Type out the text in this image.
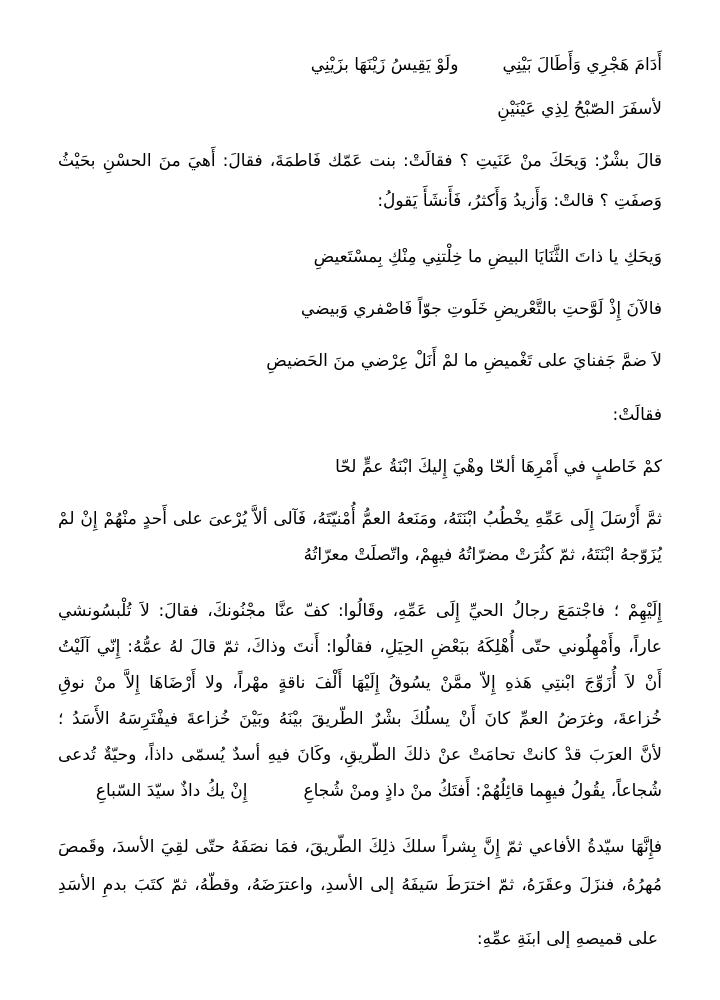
أَدَامَ هَجْرِي وَأَطَالَ بَيْنِي
ولَوْ يَقِيسُ زَيْنَهَا بزَيْنِي

لأسفَرَ الصّبْحُ لِذِي عَيْنَيْنِ

قالَ بشْرٌ: وَيحَكَ منْ عَنَيتِ ؟ فقالَتْ: بنت عَمّك فَاطمَةَ، فقالَ: أَهيَ منَ الحسْنِ بحَيْثُ

وَصفَتِ ؟ قالتْ: وَأَزيدُ وَأَكثرُ، فَأَنشَأَ يَقولُ:

وَيحَكِ يا ذاتَ الثَّنَايَا البيضِ ما خِلْتنِي مِنْكِ بِمسْتَعيضِ

فالآنَ إِذْ لَوَّحتِ بالتَّعْريضِ خَلَوتِ جوّاً فَاصْفري وَبيضي

لاَ ضمَّ جَفنايَ على تَغْميضِ ما لمْ أَنَلْ عِرْضي منَ الحَضيضِ

فقالَتْ:

كمْ خَاطبٍ في أَمْرِهَا ألحّا وهْيَ إِليكَ ابْنَةُ عمٍّ لحّا

ثمَّ أَرْسَلَ إِلَى عَمِّهِ يخْطُبُ ابْنَتَهُ، ومَنَعهُ العمُّ أُمْنيّتَهُ، فَآلى ألاَّ يُرْعىَ على أَحدٍ منْهُمْ إِنْ لمْ

يُزَوّجهُ ابْنَتَهُ، ثمّ كثُرَتْ مضرّاتُهُ فيهِمْ، واتّصلَتْ معرّاتُهُ

إِلَيْهِمْ ؛ فاجْتمَعَ رجالُ الحيِّ إِلَى عَمِّهِ، وقَالُوا: كفّ عنَّا مجْنُونكَ، فقالَ: لاَ تُلْبسُونشي

عاراً، وأَمْهِلُوني حتّى أُهْلِكَهُ ببَعْضِ الحِيَلِ، فقالُوا: أَنتَ وذاكَ، ثمّ قالَ لهُ عمُّهُ: إِنّي آلَيْتُ

أَنْ لاَ أُزَوِّجَ ابْنتِي هَذهِ إِلاّ ممَّنْ يسُوقُ إِلَيْهَا أَلْفَ ناقةٍ مهْراً، ولا أَرْضَاهَا إِلاَّ منْ نوقِ

خُزاعةَ، وغرَضُ العمِّ كانَ أَنْ يسلُكَ بشْرٌ الطّريقَ بيْنَهُ وبَيْنَ خُزاعةَ فيفْتَرِسَهُ الأَسَدُ ؛

لأنَّ العرَبَ قدْ كانتْ تحامَتْ عنْ ذلكَ الطّريقِ، وكَانَ فيهِ أسدٌ يُسمّى داذاً، وحيّةٌ تُدعى

شُجاعاً، يقُولُ فيهِما قائِلُهُمْ: أَفتَكُ منْ داذٍ ومنْ شُجاعِ
إِنْ يكُ داذٌ سيّدَ السّباعِ

فإِنَّهَا سيّدةُ الأفاعي ثمّ إِنَّ بِشراً سلكَ ذلِكَ الطّريقَ، فمَا نصَفَهُ حتّى لقِيَ الأسدَ، وقَمصَ

مُهرُهُ، فنزَلَ وعقَرَهُ، ثمّ اخترَطَ سَيفَهُ إلى الأسدِ، واعترَضَهُ، وقطّهُ، ثمّ كتَبَ بدمِ الأسَدِ

على قميصهِ إلى ابنَةِ عمِّهِ:
